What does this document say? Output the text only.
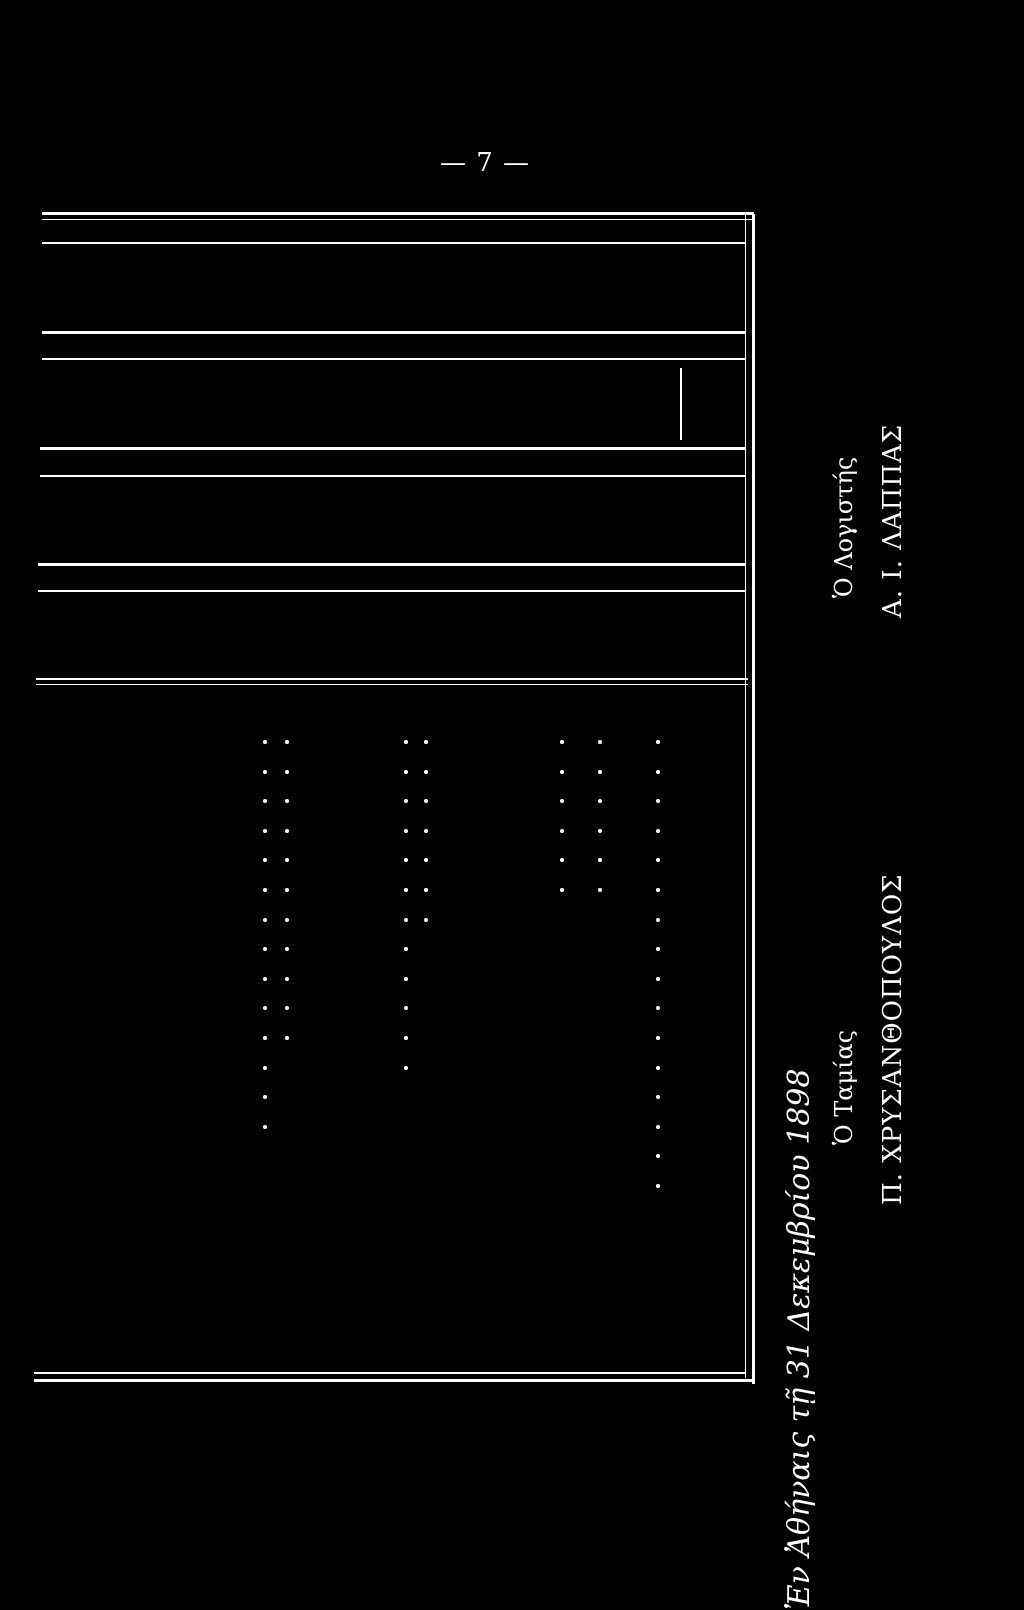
— 7 —
Ἐν Ἀθήναις τῇ 31 Δεκεμβρίου 1898 Ὁ Ταμίας Π. ΧΡΥΣΑΝΘΟΠΟΥΛΟΣ
Ὁ Λογιστής Α. Ι. ΛΑΠΠΑΣ
